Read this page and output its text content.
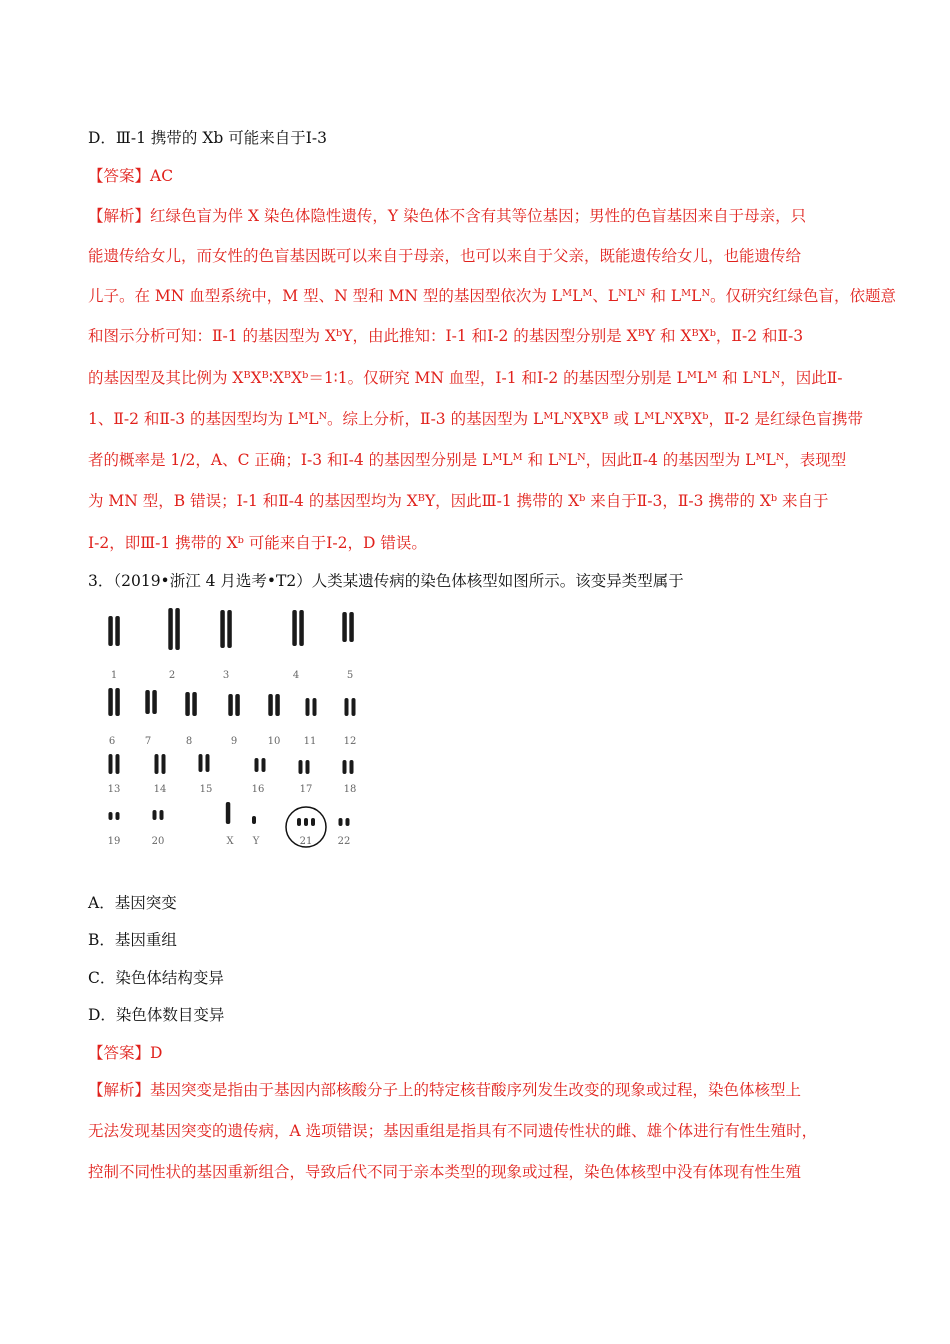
D．Ⅲ-1 携带的 Xb 可能来自于Ⅰ-3
【答案】AC
【解析】红绿色盲为伴 X 染色体隐性遗传，Y 染色体不含有其等位基因；男性的色盲基因来自于母亲，只
能遗传给女儿，而女性的色盲基因既可以来自于母亲，也可以来自于父亲，既能遗传给女儿，也能遗传给
儿子。在 MN 血型系统中，M 型、N 型和 MN 型的基因型依次为 LᴹLᴹ、LᴺLᴺ 和 LᴹLᴺ。仅研究红绿色盲，依题意
和图示分析可知：Ⅱ-1 的基因型为 XᵇY，由此推知：Ⅰ-1 和Ⅰ-2 的基因型分别是 XᴮY 和 XᴮXᵇ，Ⅱ-2 和Ⅱ-3
的基因型及其比例为 XᴮXᴮ∶XᴮXᵇ＝1∶1。仅研究 MN 血型，Ⅰ-1 和Ⅰ-2 的基因型分别是 LᴹLᴹ 和 LᴺLᴺ，因此Ⅱ-
1、Ⅱ-2 和Ⅱ-3 的基因型均为 LᴹLᴺ。综上分析，Ⅱ-3 的基因型为 LᴹLᴺXᴮXᴮ 或 LᴹLᴺXᴮXᵇ，Ⅱ-2 是红绿色盲携带
者的概率是 1/2，A、C 正确；Ⅰ-3 和Ⅰ-4 的基因型分别是 LᴹLᴹ 和 LᴺLᴺ，因此Ⅱ-4 的基因型为 LᴹLᴺ，表现型
为 MN 型，B 错误；Ⅰ-1 和Ⅱ-4 的基因型均为 XᴮY，因此Ⅲ-1 携带的 Xᵇ 来自于Ⅱ-3，Ⅱ-3 携带的 Xᵇ 来自于
Ⅰ-2，即Ⅲ-1 携带的 Xᵇ 可能来自于Ⅰ-2，D 错误。
3．（2019•浙江 4 月选考•T2）人类某遗传病的染色体核型如图所示。该变异类型属于
1	2	3	4	5
6	7	8	9	10 11	12
13	14	15	16	17	18
19	20	X Y	21	22
A．基因突变
B．基因重组
C．染色体结构变异
D．染色体数目变异
【答案】D
【解析】基因突变是指由于基因内部核酸分子上的特定核苷酸序列发生改变的现象或过程，染色体核型上
无法发现基因突变的遗传病，A 选项错误；基因重组是指具有不同遗传性状的雌、雄个体进行有性生殖时，
控制不同性状的基因重新组合，导致后代不同于亲本类型的现象或过程，染色体核型中没有体现有性生殖
